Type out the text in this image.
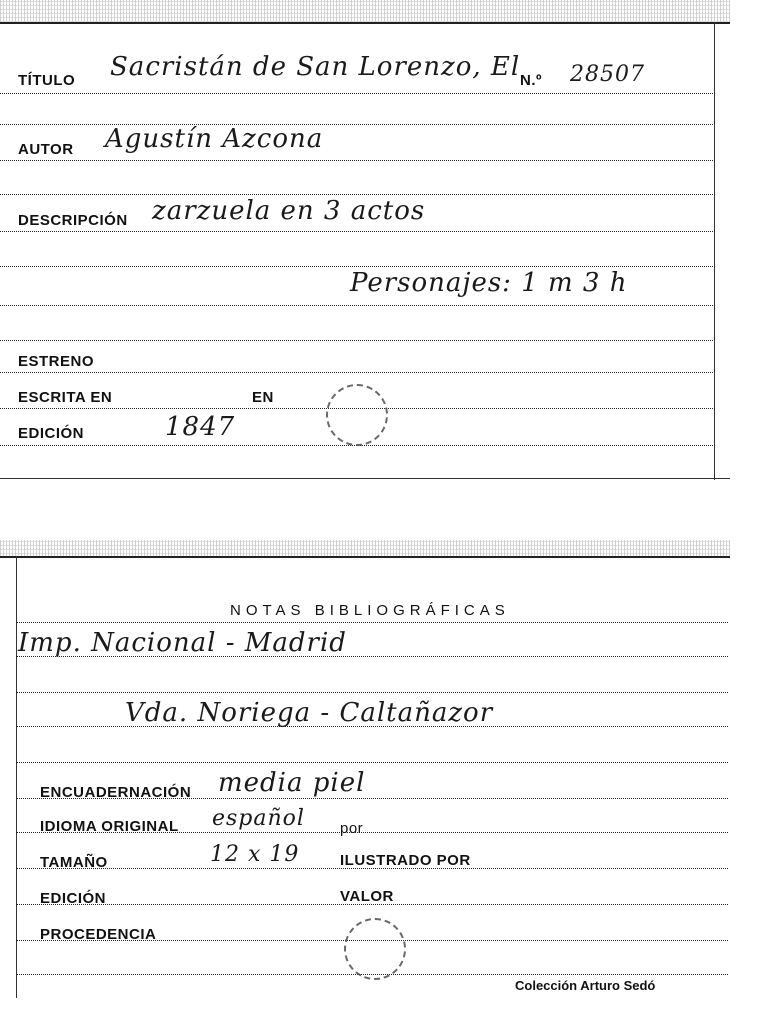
TÍTULO Sacristán de San Lorenzo, El N.º 28507
AUTOR Agustín Azcona
DESCRIPCIÓN zarzuela en 3 actos
Personajes: 1 m 3 h
ESTRENO
ESCRITA EN	EN
EDICIÓN	1847
NOTAS BIBLIOGRÁFICAS
Imp. Nacional - Madrid
Vda. Noriega - Caltañazor
ENCUADERNACIÓN media piel
IDIOMA ORIGINAL español por
TAMAÑO	12 x 19	ILUSTRADO POR
EDICIÓN	VALOR
PROCEDENCIA
Colección Arturo Sedó
